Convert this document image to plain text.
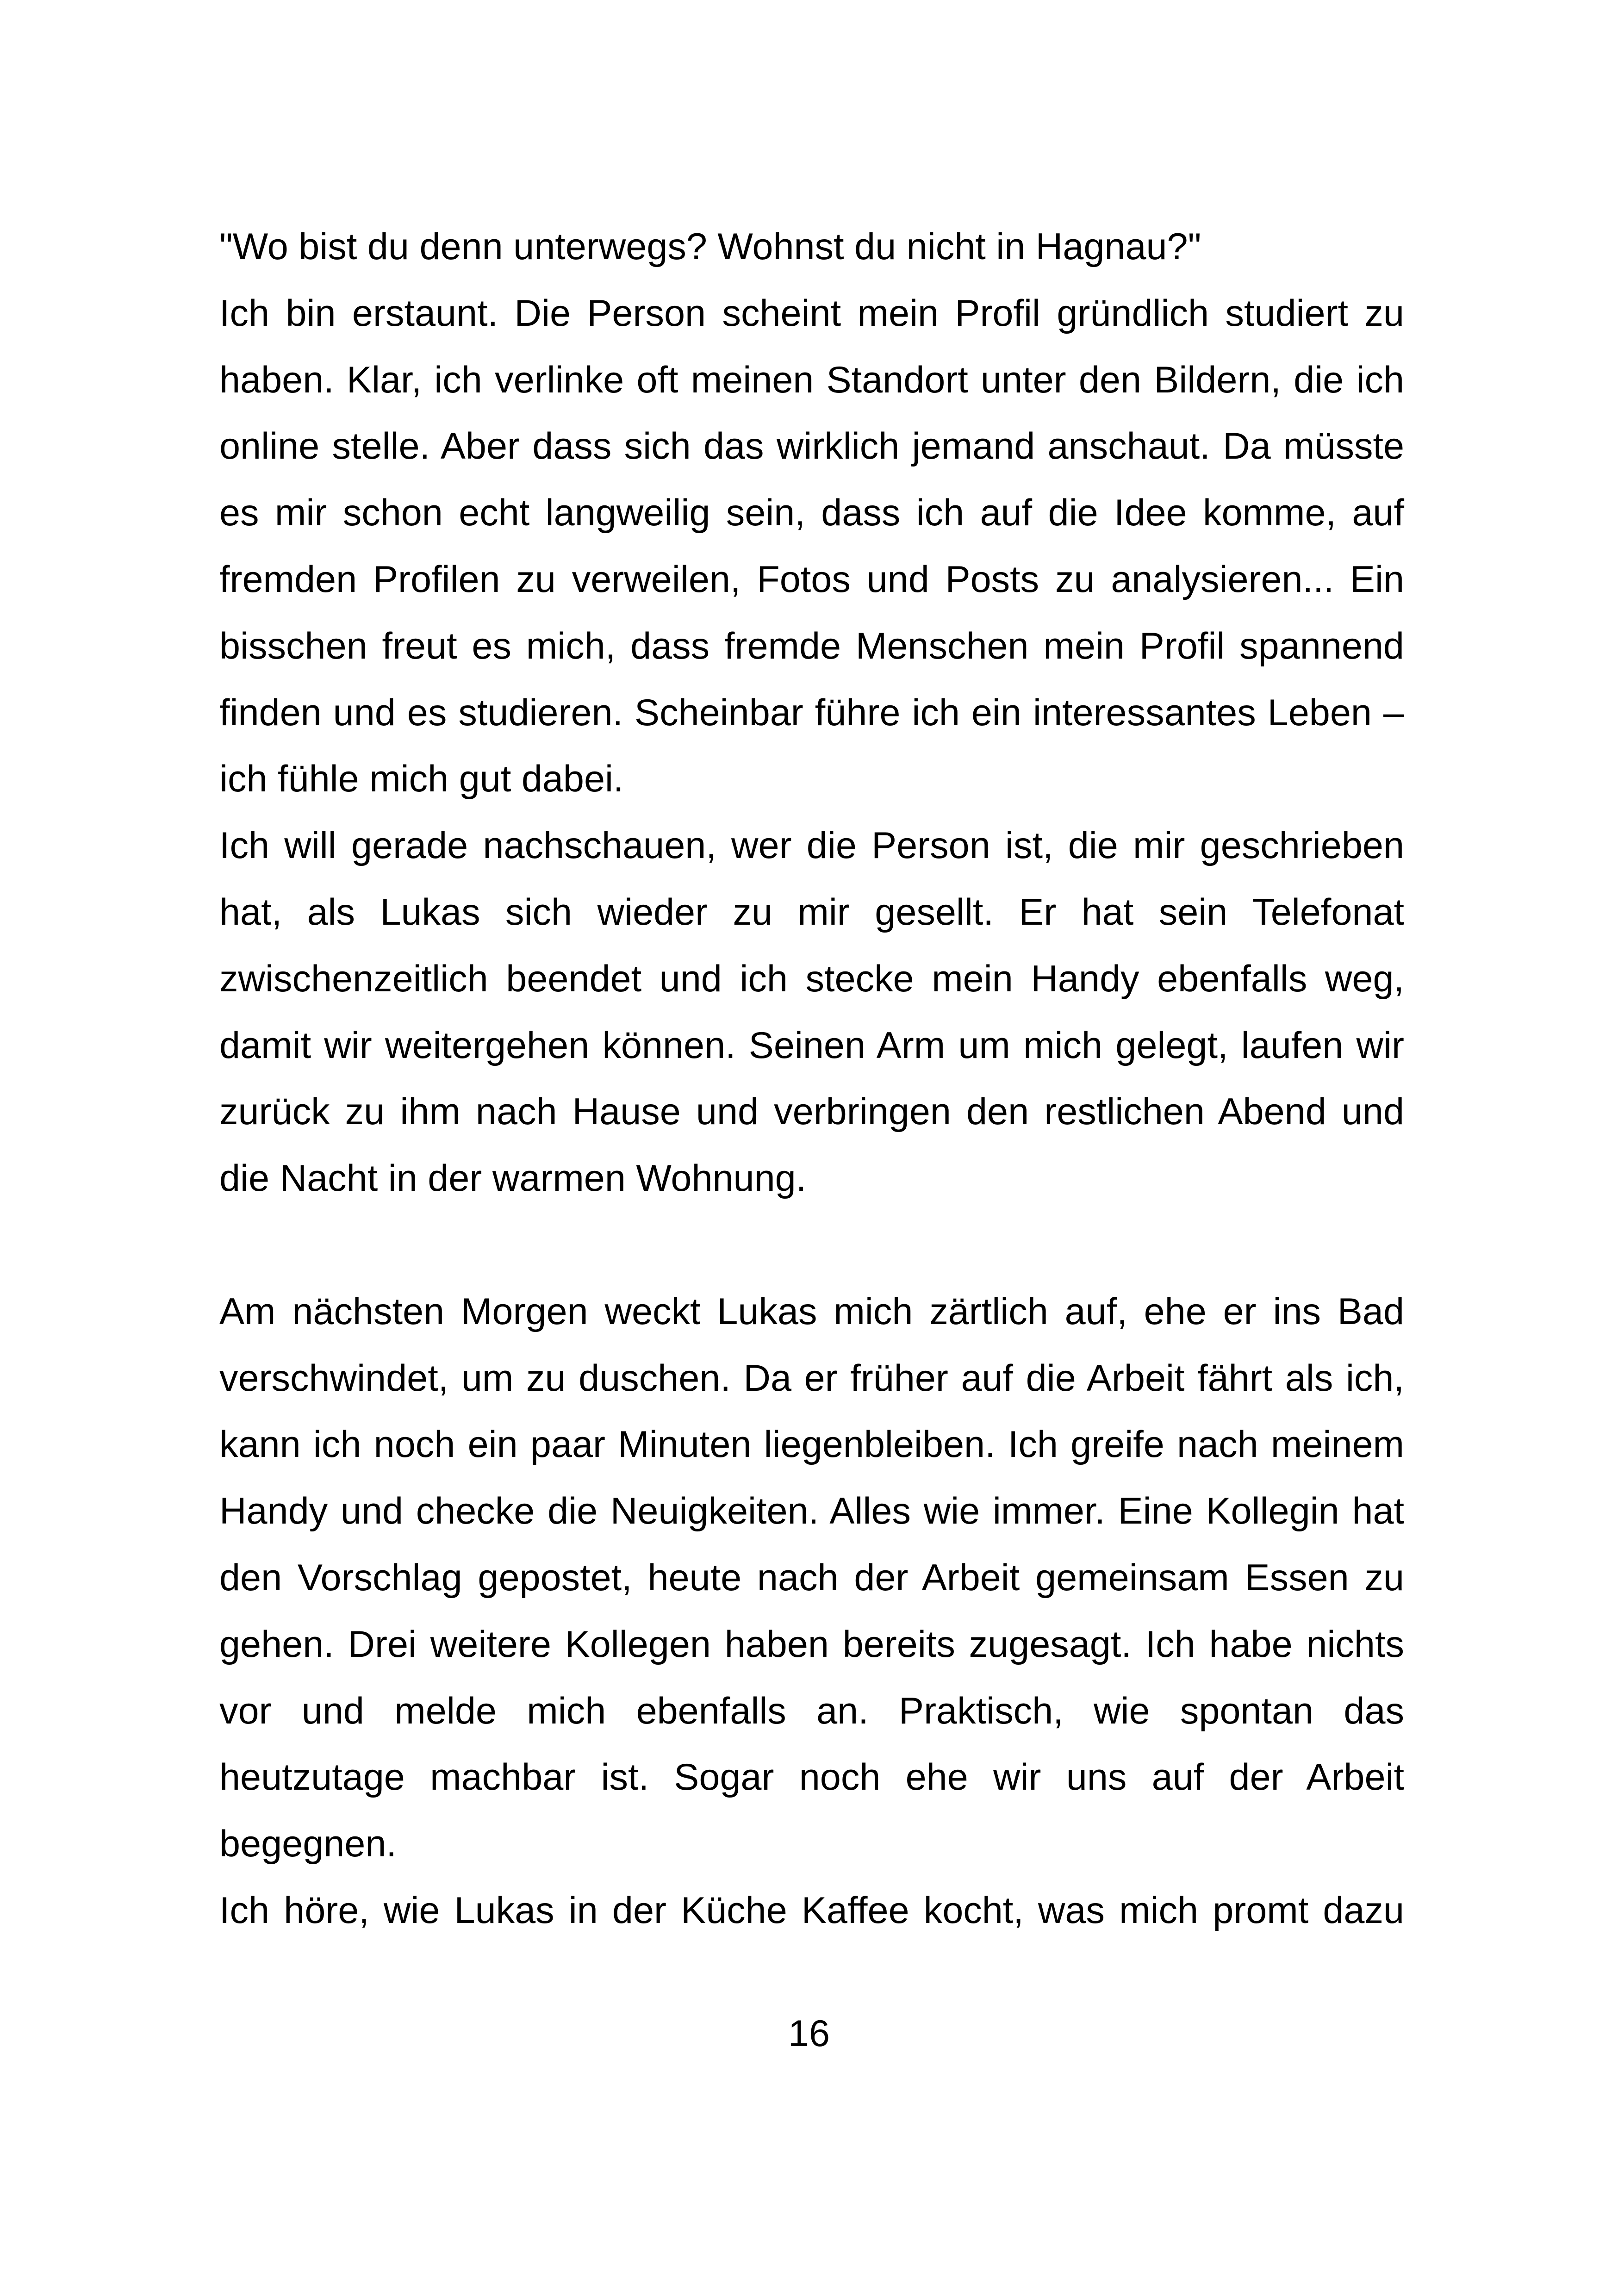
"Wo bist du denn unterwegs? Wohnst du nicht in Hagnau?"

Ich bin erstaunt. Die Person scheint mein Profil gründlich studiert zu haben. Klar, ich verlinke oft meinen Standort unter den Bildern, die ich online stelle. Aber dass sich das wirklich jemand anschaut. Da müsste es mir schon echt langweilig sein, dass ich auf die Idee komme, auf fremden Profilen zu verweilen, Fotos und Posts zu analysieren... Ein bisschen freut es mich, dass fremde Menschen mein Profil spannend finden und es studieren. Scheinbar führe ich ein interessantes Leben – ich fühle mich gut dabei.

Ich will gerade nachschauen, wer die Person ist, die mir geschrieben hat, als Lukas sich wieder zu mir gesellt. Er hat sein Telefonat zwischenzeitlich beendet und ich stecke mein Handy ebenfalls weg, damit wir weitergehen können. Seinen Arm um mich gelegt, laufen wir zurück zu ihm nach Hause und verbringen den restlichen Abend und die Nacht in der warmen Wohnung.

Am nächsten Morgen weckt Lukas mich zärtlich auf, ehe er ins Bad verschwindet, um zu duschen. Da er früher auf die Arbeit fährt als ich, kann ich noch ein paar Minuten liegenbleiben. Ich greife nach meinem Handy und checke die Neuigkeiten. Alles wie immer. Eine Kollegin hat den Vorschlag gepostet, heute nach der Arbeit gemeinsam Essen zu gehen. Drei weitere Kollegen haben bereits zugesagt. Ich habe nichts vor und melde mich ebenfalls an. Praktisch, wie spontan das heutzutage machbar ist. Sogar noch ehe wir uns auf der Arbeit begegnen.

Ich höre, wie Lukas in der Küche Kaffee kocht, was mich promt dazu

16
